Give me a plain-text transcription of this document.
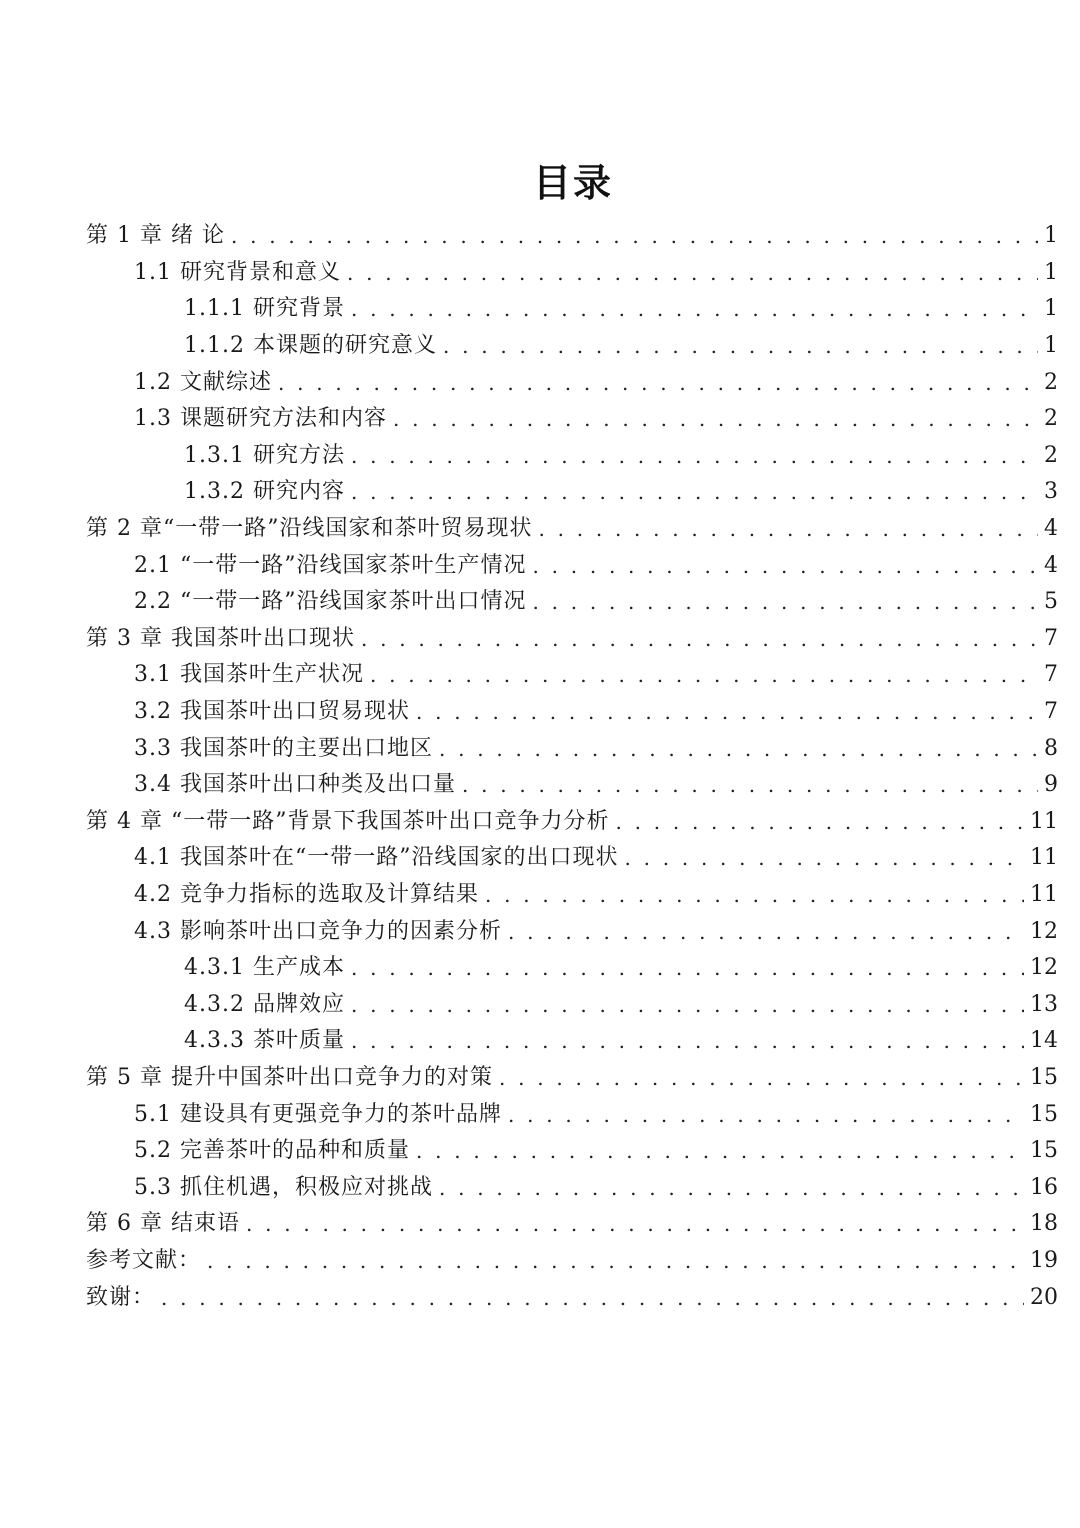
目录
第 1 章 绪 论 . . .	1
1.1 研究背景和意义 . . .	1
1.1.1 研究背景 . . .	1
1.1.2 本课题的研究意义 . . .	1
1.2 文献综述 . . .	2
1.3 课题研究方法和内容 . . .	2
1.3.1 研究方法 . . .	2
1.3.2 研究内容 . . .	3
第 2 章“一带一路”沿线国家和茶叶贸易现状 . . .	4
2.1 “一带一路”沿线国家茶叶生产情况 . . .	4
2.2 “一带一路”沿线国家茶叶出口情况 . . .	5
第 3 章 我国茶叶出口现状 . . .	7
3.1 我国茶叶生产状况 . . .	7
3.2 我国茶叶出口贸易现状 . . .	7
3.3 我国茶叶的主要出口地区 . . .	8
3.4 我国茶叶出口种类及出口量 . . .	9
第 4 章 “一带一路”背景下我国茶叶出口竞争力分析 . . .	11
4.1 我国茶叶在“一带一路”沿线国家的出口现状 . . .	11
4.2 竞争力指标的选取及计算结果 . . .	11
4.3 影响茶叶出口竞争力的因素分析 . . .	12
4.3.1 生产成本 . . .	12
4.3.2 品牌效应 . . .	13
4.3.3 茶叶质量 . . .	14
第 5 章 提升中国茶叶出口竞争力的对策 . . .	15
5.1 建设具有更强竞争力的茶叶品牌 . . .	15
5.2 完善茶叶的品种和质量 . . .	15
5.3 抓住机遇，积极应对挑战 . . .	16
第 6 章 结束语 . . .	18
参考文献： . . .	19
致谢： . . .	20
